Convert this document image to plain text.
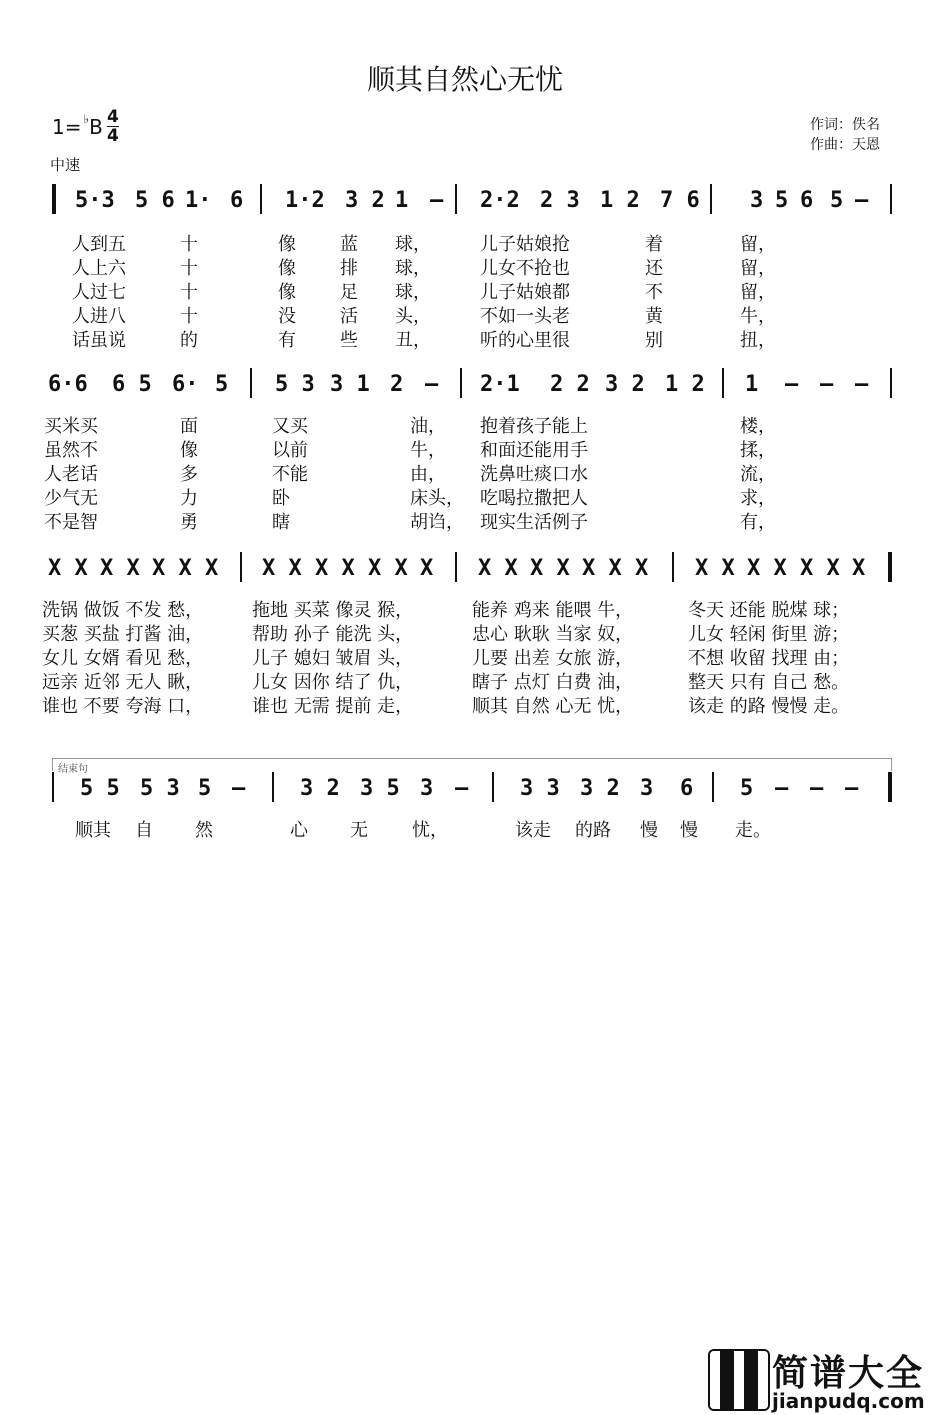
顺其自然心无忧
1= ♭ B $\frac{4}{4}$
中速
作词：佚名
作曲：天恩
结束句
5·3 5 6 1· 6 1·2 3 2 1 – 2·2 2 3 1 2 7 6 3 5 6 5 –
人到五	十	像 蓝 球，	儿子姑娘抢	着	留，
人上六	十	像 排 球，	儿女不抢也	还	留，
人过七	十	像 足 球，	儿子姑娘都	不	留，
人进八	十	没 活 头，	不如一头老	黄	牛，
话虽说	的	有 些 丑，	听的心里很	别	扭，
6·6 6 5 6· 5 5 3 3 1 2 – 2·1 2 2 3 2 1 2 1 – – –
买米买	面	又买	油， 抱着孩子能上	楼，
虽然不	像	以前	牛， 和面还能用手	揉，
人老话	多	不能	由， 洗鼻吐痰口水	流，
少气无	力	卧	床头， 吃喝拉撒把人	求，
不是智	勇	瞎	胡诌， 现实生活例子	有，
X X X X X X X X X X X X X X X X X X X X X X X X X X X X
洗锅 做饭 不发 愁，	拖地 买菜 像灵 猴，	能养 鸡来 能喂 牛，	冬天 还能 脱煤 球；
买葱 买盐 打酱 油，	帮助 孙子 能洗 头，	忠心 耿耿 当家 奴，	儿女 轻闲 街里 游；
女儿 女婿 看见 愁，	儿子 媳妇 皱眉 头，	儿要 出差 女旅 游，	不想 收留 找理 由；
远亲 近邻 无人 瞅，	儿女 因你 结了 仇，	瞎子 点灯 白费 油，	整天 只有 自己 愁。
谁也 不要 夸海 口，	谁也 无需 提前 走，	顺其 自然 心无 忧，	该走 的路 慢慢 走。
5 5 5 3 5 – 3 2 3 5 3 – 3 3 3 2 3 6 5 – – –
顺其 自 然	心 无 忧，	该走 的路 慢 慢 走。
简谱大全
jianpudq.com
